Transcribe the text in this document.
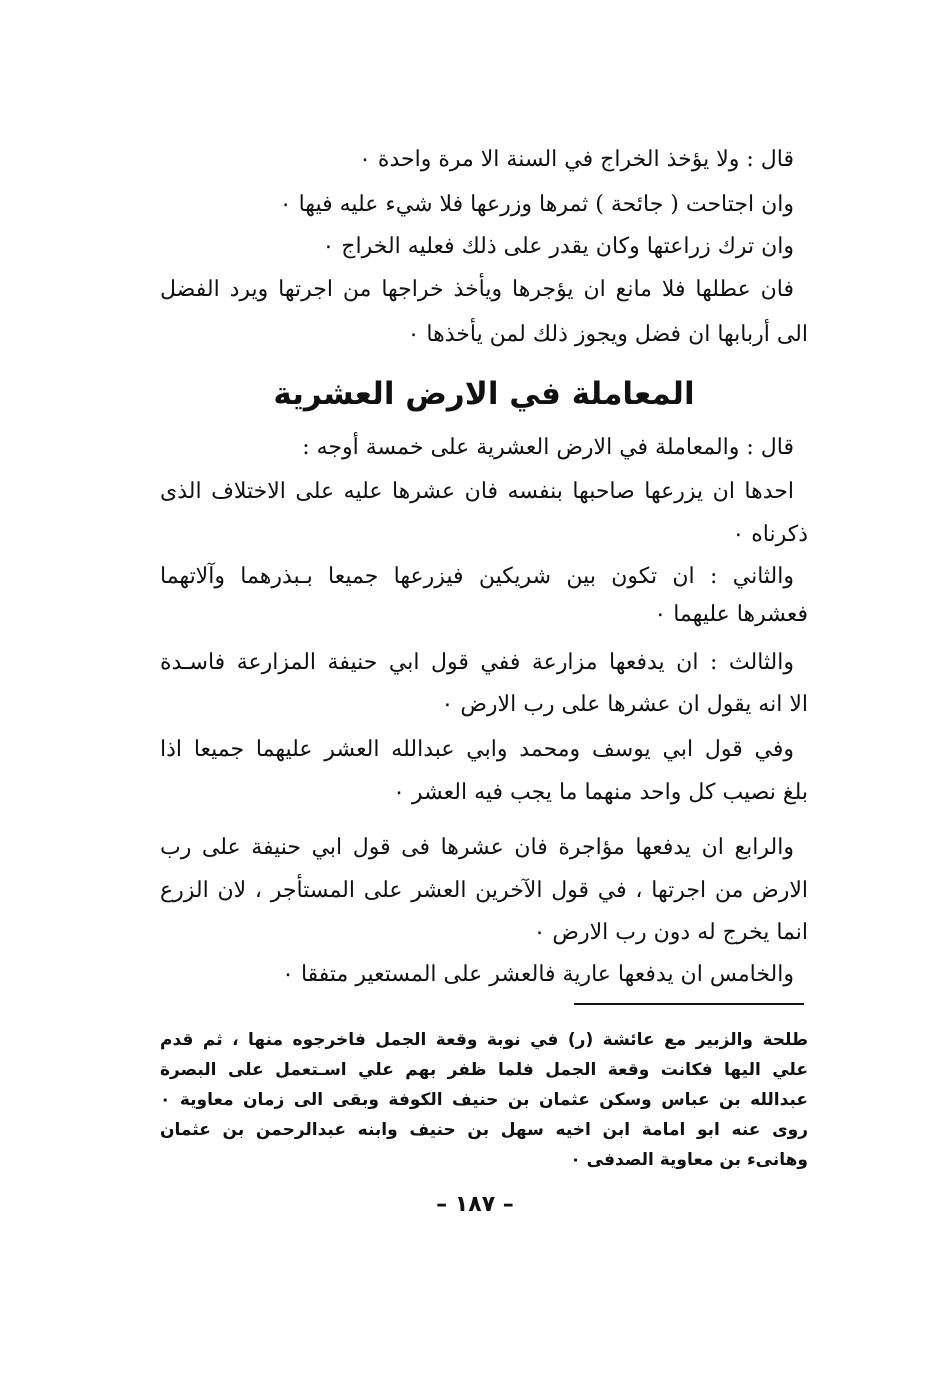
قال : ولا يؤخذ الخراج في السنة الا مرة واحدة ٠
وان اجتاحت ( جائحة ) ثمرها وزرعها فلا شيء عليه فيها ٠
وان ترك زراعتها وكان يقدر على ذلك فعليه الخراج ٠
فان عطلها فلا مانع ان يؤجرها ويأخذ خراجها من اجرتها ويرد الفضل
الى أربابها ان فضل ويجوز ذلك لمن يأخذها ٠
المعاملة في الارض العشرية
قال : والمعاملة في الارض العشرية على خمسة أوجه :
احدها ان يزرعها صاحبها بنفسه فان عشرها عليه على الاختلاف الذى
ذكرناه ٠
والثاني : ان تكون بين شريكين فيزرعها جميعا بـبذرهما وآلاتهما
فعشرها عليهما ٠
والثالث : ان يدفعها مزارعة ففي قول ابي حنيفة المزارعة فاسـدة
الا انه يقول ان عشرها على رب الارض ٠
وفي قول ابي يوسف ومحمد وابي عبدالله العشر عليهما جميعا اذا
بلغ نصيب كل واحد منهما ما يجب فيه العشر ٠
والرابع ان يدفعها مؤاجرة فان عشرها فى قول ابي حنيفة على رب
الارض من اجرتها ، في قول الآخرين العشر على المستأجر ، لان الزرع
انما يخرج له دون رب الارض ٠
والخامس ان يدفعها عارية فالعشر على المستعير متفقا ٠
طلحة والزبير مع عائشة (ر) في نوبة وقعة الجمل فاخرجوه منها ، ثم قدم
علي اليها فكانت وقعة الجمل فلما ظفر بهم علي اسـتعمل على البصرة
عبدالله بن عباس وسكن عثمان بن حنيف الكوفة وبقى الى زمان معاوية ٠
روى عنه ابو امامة ابن اخيه سهل بن حنيف وابنه عبدالرحمن بن عثمان
وهانىء بن معاوية الصدفى ٠
– ۱۸۷ –
